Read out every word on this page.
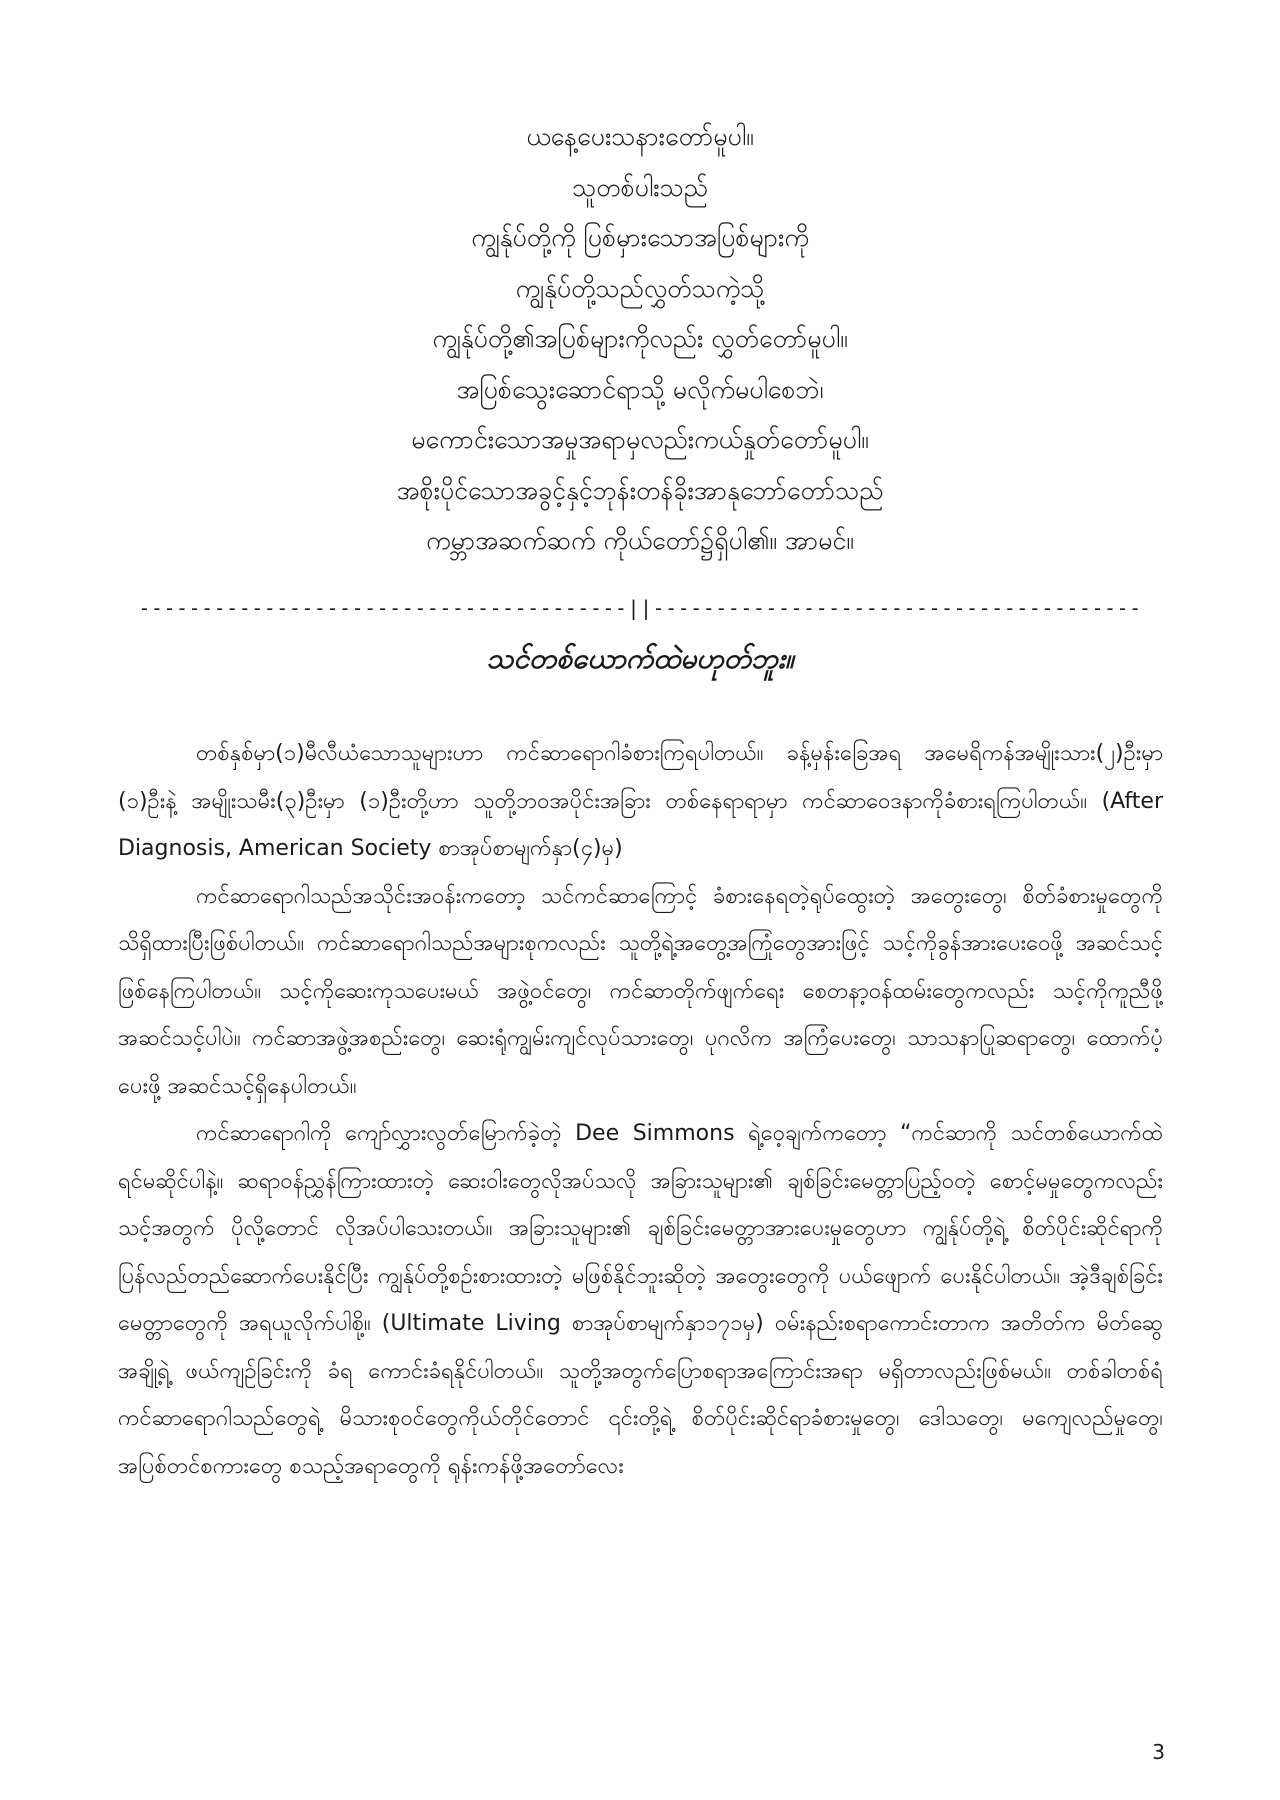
ယနေ့ပေးသနားတော်မူပါ။
သူတစ်ပါးသည်
ကျွန်ုပ်တို့ကို ပြစ်မှားသောအပြစ်များကို
ကျွန်ုပ်တို့သည်လွှတ်သကဲ့သို့
ကျွန်ုပ်တို့၏အပြစ်များကိုလည်း လွှတ်တော်မူပါ။
အပြစ်သွေးဆောင်ရာသို့ မလိုက်မပါစေဘဲ၊
မကောင်းသောအမှုအရာမှလည်းကယ်နှုတ်တော်မူပါ။
အစိုးပိုင်သောအခွင့်နှင့်ဘုန်းတန်ခိုးအာနုဘော်တော်သည်
ကမ္ဘာအဆက်ဆက် ကိုယ်တော်၌ရှိပါ၏။ အာမင်။
---------------------------------------||---------------------------------------
သင်တစ်ယောက်ထဲမဟုတ်ဘူး။

တစ်နှစ်မှာ(၁)မီလီယံသောသူများဟာ ကင်ဆာရောဂါခံစားကြရပါတယ်။ ခန့်မှန်းခြေအရ အမေရိကန်အမျိုးသား(၂)ဦးမှာ (၁)ဦးနဲ့ အမျိုးသမီး(၃)ဦးမှာ (၁)ဦးတို့ဟာ သူတို့ဘ၀အပိုင်းအခြား တစ်နေရာရာမှာ ကင်ဆာဝေဒနာကိုခံစားရကြပါတယ်။ (After Diagnosis, American Society စာအုပ်စာမျက်နှာ(၄)မှ)

ကင်ဆာရောဂါသည်အသိုင်းအဝန်းကတော့ သင်ကင်ဆာကြောင့် ခံစားနေရတဲ့ရုပ်ထွေးတဲ့ အတွေးတွေ၊ စိတ်ခံစားမှုတွေကို သိရှိထားပြီးဖြစ်ပါတယ်။ ကင်ဆာရောဂါသည်အများစုကလည်း သူတို့ရဲ့အတွေ့အကြုံတွေအားဖြင့် သင့်ကိုခွန်အားပေးဝေဖို့ အဆင်သင့်ဖြစ်နေကြပါတယ်။ သင့်ကိုဆေးကုသပေးမယ် အဖွဲ့ဝင်တွေ၊ ကင်ဆာတိုက်ဖျက်ရေး စေတနာ့ဝန်ထမ်းတွေကလည်း သင့်ကိုကူညီဖို့ အဆင်သင့်ပါပဲ။ ကင်ဆာအဖွဲ့အစည်းတွေ၊ ဆေးရုံကျွမ်းကျင်လုပ်သားတွေ၊ ပုဂလိက အကြံပေးတွေ၊ သာသနာပြုဆရာတွေ၊ ထောက်ပံ့ပေးဖို့ အဆင်သင့်ရှိနေပါတယ်။

ကင်ဆာရောဂါကို ကျော်လွှားလွတ်မြောက်ခဲ့တဲ့ Dee Simmons ရဲ့ဝေ့ချက်ကတော့ “ကင်ဆာကို သင်တစ်ယောက်ထဲ ရင်မဆိုင်ပါနဲ့။ ဆရာဝန်ညွှန်ကြားထားတဲ့ ဆေးဝါးတွေလိုအပ်သလို အခြားသူများ၏ ချစ်ခြင်းမေတ္တာပြည့်ဝတဲ့ စောင့်မမှုတွေကလည်း သင့်အတွက် ပိုလို့တောင် လိုအပ်ပါသေးတယ်။ အခြားသူများ၏ ချစ်ခြင်းမေတ္တာအားပေးမှုတွေဟာ ကျွန်ုပ်တို့ရဲ့ စိတ်ပိုင်းဆိုင်ရာကို ပြန်လည်တည်ဆောက်ပေးနိုင်ပြီး ကျွန်ုပ်တို့စဉ်းစားထားတဲ့ မဖြစ်နိုင်ဘူးဆိုတဲ့ အတွေးတွေကို ပယ်ဖျောက် ပေးနိုင်ပါတယ်။ အဲ့ဒီချစ်ခြင်းမေတ္တာတွေကို အရယူလိုက်ပါစို့။ (Ultimate Living စာအုပ်စာမျက်နှာ၁၇၁မှ) ဝမ်းနည်းစရာကောင်းတာက အတိတ်က မိတ်ဆွေအချို့ရဲ့ ဖယ်ကျဉ်ခြင်းကို ခံရ ကောင်းခံရနိုင်ပါတယ်။ သူတို့အတွက်ပြောစရာအကြောင်းအရာ မရှိတာလည်းဖြစ်မယ်။ တစ်ခါတစ်ရံကင်ဆာရောဂါသည်တွေရဲ့ မိသားစုဝင်တွေကိုယ်တိုင်တောင် ၎င်းတို့ရဲ့ စိတ်ပိုင်းဆိုင်ရာခံစားမှုတွေ၊ ဒေါသတွေ၊ မကျေလည်မှုတွေ၊ အပြစ်တင်စကားတွေ စသည့်အရာတွေကို ရုန်းကန်ဖို့အတော်လေး

3
